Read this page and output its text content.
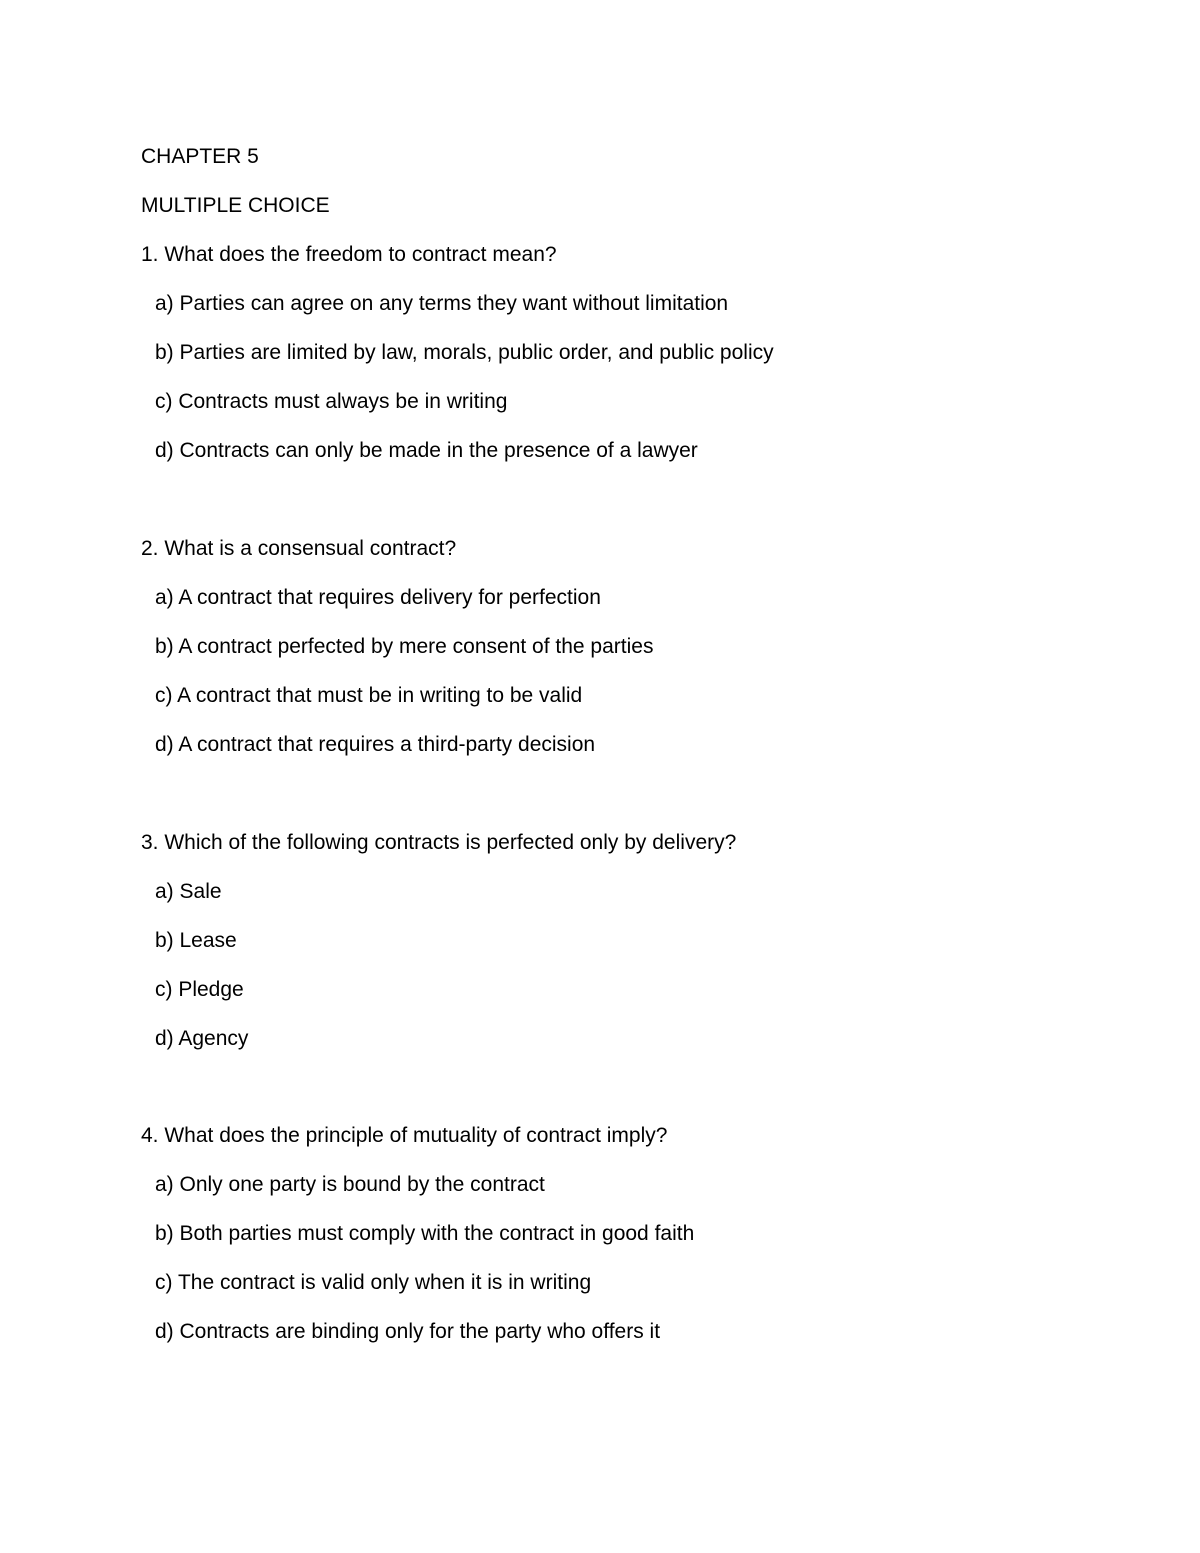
CHAPTER 5
MULTIPLE CHOICE
1. What does the freedom to contract mean?
a) Parties can agree on any terms they want without limitation
b) Parties are limited by law, morals, public order, and public policy
c) Contracts must always be in writing
d) Contracts can only be made in the presence of a lawyer
2. What is a consensual contract?
a) A contract that requires delivery for perfection
b) A contract perfected by mere consent of the parties
c) A contract that must be in writing to be valid
d) A contract that requires a third-party decision
3. Which of the following contracts is perfected only by delivery?
a) Sale
b) Lease
c) Pledge
d) Agency
4. What does the principle of mutuality of contract imply?
a) Only one party is bound by the contract
b) Both parties must comply with the contract in good faith
c) The contract is valid only when it is in writing
d) Contracts are binding only for the party who offers it
